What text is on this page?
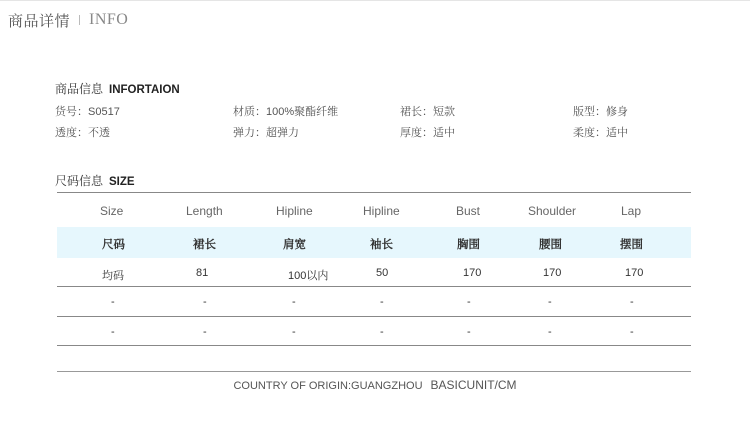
商品详情 INFO
商品信息 INFORTAION
货号：S0517	材质：100%聚酯纤维	裙长：短款	版型：修身
透度：不透	弹力：超弹力	厚度：适中	柔度：适中
尺码信息 SIZE
Size	Length	Hipline	Hipline	Bust	Shoulder	Lap
尺码	裙长	肩宽	袖长	胸围	腰围	摆围
均码	81	100以内	50	170	170	170
-	-	-	-	-	-	-
-	-	-	-	-	-	-
COUNTRY OF ORIGIN:GUANGZHOU BASICUNIT/CM
